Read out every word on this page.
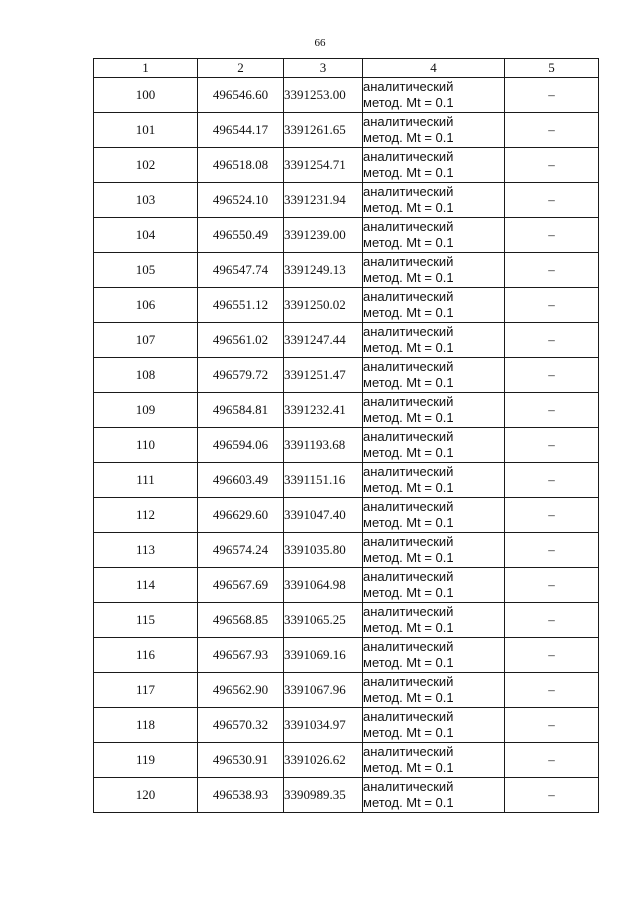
66
1	2	3	4	5
100	496546.60	3391253.00	аналитический
метод. Mt = 0.1	–
101	496544.17	3391261.65	аналитический
метод. Mt = 0.1	–
102	496518.08	3391254.71	аналитический
метод. Mt = 0.1	–
103	496524.10	3391231.94	аналитический
метод. Mt = 0.1	–
104	496550.49	3391239.00	аналитический
метод. Mt = 0.1	–
105	496547.74	3391249.13	аналитический
метод. Mt = 0.1	–
106	496551.12	3391250.02	аналитический
метод. Mt = 0.1	–
107	496561.02	3391247.44	аналитический
метод. Mt = 0.1	–
108	496579.72	3391251.47	аналитический
метод. Mt = 0.1	–
109	496584.81	3391232.41	аналитический
метод. Mt = 0.1	–
110	496594.06	3391193.68	аналитический
метод. Mt = 0.1	–
111	496603.49	3391151.16	аналитический
метод. Mt = 0.1	–
112	496629.60	3391047.40	аналитический
метод. Mt = 0.1	–
113	496574.24	3391035.80	аналитический
метод. Mt = 0.1	–
114	496567.69	3391064.98	аналитический
метод. Mt = 0.1	–
115	496568.85	3391065.25	аналитический
метод. Mt = 0.1	–
116	496567.93	3391069.16	аналитический
метод. Mt = 0.1	–
117	496562.90	3391067.96	аналитический
метод. Mt = 0.1	–
118	496570.32	3391034.97	аналитический
метод. Mt = 0.1	–
119	496530.91	3391026.62	аналитический
метод. Mt = 0.1	–
120	496538.93	3390989.35	аналитический
метод. Mt = 0.1	–
